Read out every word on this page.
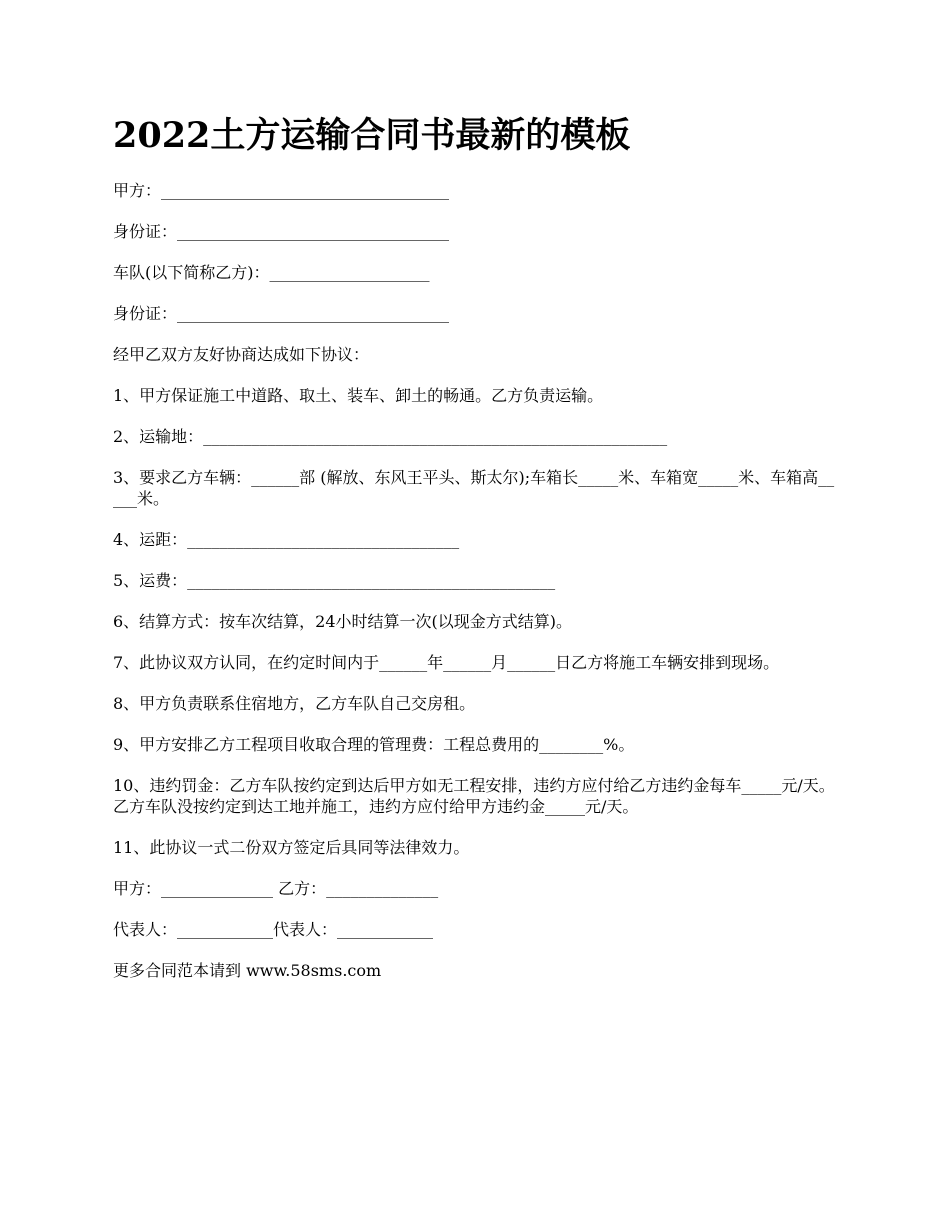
2022土方运输合同书最新的模板

甲方：____________________________________

身份证：__________________________________

车队(以下简称乙方)：____________________

身份证：__________________________________

经甲乙双方友好协商达成如下协议：

1、甲方保证施工中道路、取土、装车、卸土的畅通。乙方负责运输。

2、运输地：__________________________________________________________

3、要求乙方车辆：______部 (解放、东风王平头、斯太尔);车箱长_____米、车箱宽_____米、车箱高_____米。

4、运距：__________________________________

5、运费：______________________________________________

6、结算方式：按车次结算，24小时结算一次(以现金方式结算)。

7、此协议双方认同，在约定时间内于______年______月______日乙方将施工车辆安排到现场。

8、甲方负责联系住宿地方，乙方车队自己交房租。

9、甲方安排乙方工程项目收取合理的管理费：工程总费用的________%。

10、违约罚金：乙方车队按约定到达后甲方如无工程安排，违约方应付给乙方违约金每车_____元/天。乙方车队没按约定到达工地并施工，违约方应付给甲方违约金_____元/天。

11、此协议一式二份双方签定后具同等法律效力。

甲方：______________ 乙方：______________

代表人：____________代表人：____________

更多合同范本请到 www.58sms.com
